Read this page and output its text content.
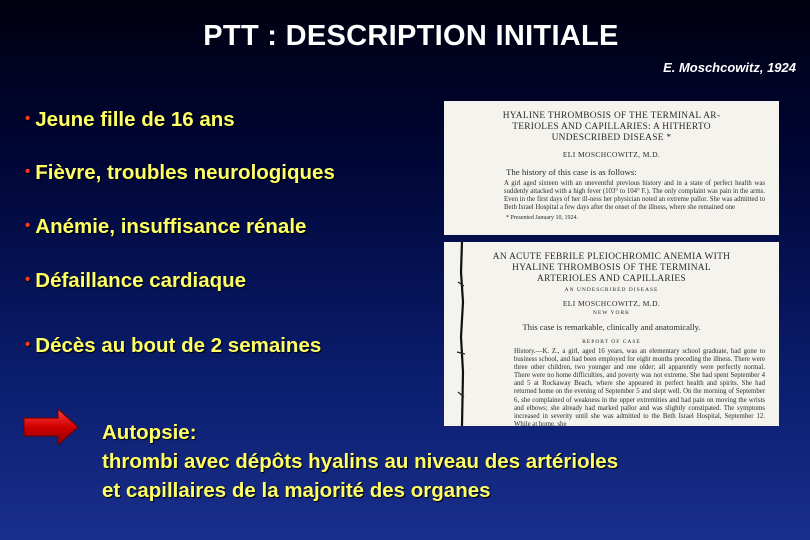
PTT : DESCRIPTION INITIALE
E. Moschcowitz, 1924
• Jeune fille de 16 ans
• Fièvre, troubles neurologiques
• Anémie, insuffisance rénale
• Défaillance cardiaque
• Décès au bout de 2 semaines
HYALINE THROMBOSIS OF THE TERMINAL AR-
TERIOLES AND CAPILLARIES: A HITHERTO
UNDESCRIBED DISEASE *
ELI MOSCHCOWITZ, M.D.
The history of this case is as follows:
A girl aged sixteen with an uneventful previous history and in a state of perfect health was suddenly attacked with a high fever (103° to 104° F.). The only complaint was pain in the arms. Even in the first days of her ill-ness her physician noted an extreme pallor. She was admitted to Beth Israel Hospital a few days after the onset of the illness, where she remained one
* Presented January 10, 1924.
AN ACUTE FEBRILE PLEIOCHROMIC ANEMIA WITH
HYALINE THROMBOSIS OF THE TERMINAL
ARTERIOLES AND CAPILLARIES
AN UNDESCRIBED DISEASE
ELI MOSCHCOWITZ, M.D.
NEW YORK
This case is remarkable, clinically and anatomically.
REPORT OF CASE
History.—K. Z., a girl, aged 16 years, was an elementary school graduate, had gone to business school, and had been employed for eight months preceding the illness. There were three other children, two younger and one older; all apparently were perfectly normal. There were no home difficulties, and poverty was not extreme. She had spent September 4 and 5 at Rockaway Beach, where she appeared in perfect health and spirits. She had returned home on the evening of September 5 and slept well. On the morning of September 6, she complained of weakness in the upper extremities and had pain on moving the wrists and elbows; she already had marked pallor and was slightly constipated. The symptoms increased in severity until she was admitted to the Beth Israel Hospital, September 12. While at home, she
Autopsie:
thrombi avec dépôts hyalins au niveau des artérioles
et capillaires de la majorité des organes
